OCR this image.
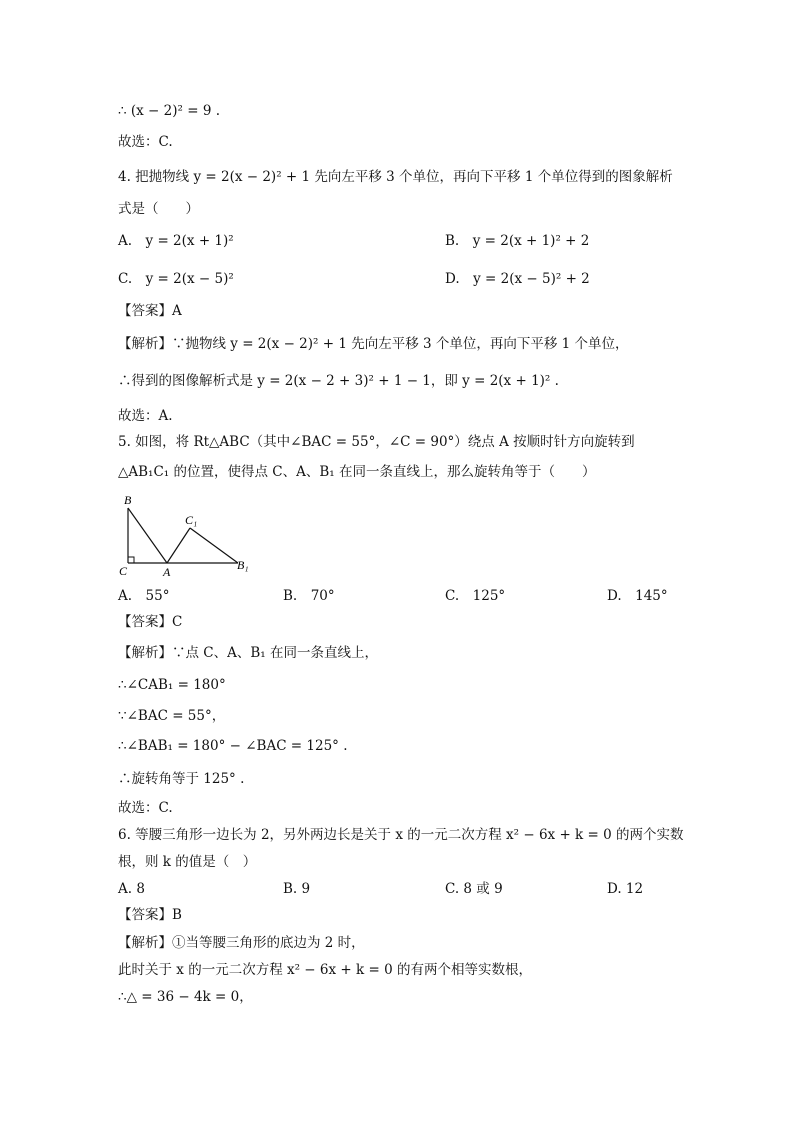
∴ (x − 2)² = 9 .
故选：C.
4. 把抛物线 y = 2(x − 2)² + 1 先向左平移 3 个单位，再向下平移 1 个单位得到的图象解析
式是（　　）
A.　y = 2(x + 1)²	B.　y = 2(x + 1)² + 2
C.　y = 2(x − 5)²	D.　y = 2(x − 5)² + 2
【答案】A
【解析】∵抛物线 y = 2(x − 2)² + 1 先向左平移 3 个单位，再向下平移 1 个单位，
∴得到的图像解析式是 y = 2(x − 2 + 3)² + 1 − 1，即 y = 2(x + 1)² .
故选：A.
5. 如图，将 Rt△ABC（其中∠BAC = 55°，∠C = 90°）绕点 A 按顺时针方向旋转到
△AB₁C₁ 的位置，使得点 C、A、B₁ 在同一条直线上，那么旋转角等于（　　）
B
C	A
C₁
B₁
A.　55°	B.　70°	C.　125°	D.　145°
【答案】C
【解析】∵点 C、A、B₁ 在同一条直线上，
∴∠CAB₁ = 180°
∵∠BAC = 55°，
∴∠BAB₁ = 180° − ∠BAC = 125° .
∴旋转角等于 125° .
故选：C.
6. 等腰三角形一边长为 2，另外两边长是关于 x 的一元二次方程 x² − 6x + k = 0 的两个实数
根，则 k 的值是（　）
A. 8	B. 9	C. 8 或 9	D. 12
【答案】B
【解析】①当等腰三角形的底边为 2 时，
此时关于 x 的一元二次方程 x² − 6x + k = 0 的有两个相等实数根，
∴△ = 36 − 4k = 0，
